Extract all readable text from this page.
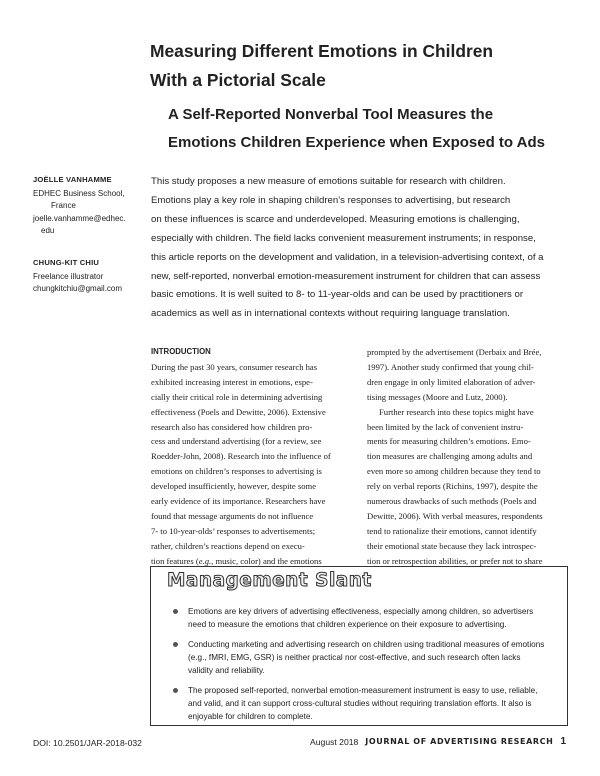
Measuring Different Emotions in Children
With a Pictorial Scale
A Self-Reported Nonverbal Tool Measures the
Emotions Children Experience when Exposed to Ads
JOËLLE VANHAMME
EDHEC Business School,
France
joelle.vanhamme@edhec.
edu
CHUNG-KIT CHIU
Freelance illustrator
chungkitchiu@gmail.com
This study proposes a new measure of emotions suitable for research with children.
Emotions play a key role in shaping children’s responses to advertising, but research
on these influences is scarce and underdeveloped. Measuring emotions is challenging,
especially with children. The field lacks convenient measurement instruments; in response,
this article reports on the development and validation, in a television-advertising context, of a
new, self-reported, nonverbal emotion-measurement instrument for children that can assess
basic emotions. It is well suited to 8- to 11-year-olds and can be used by practitioners or
academics as well as in international contexts without requiring language translation.
INTRODUCTION
During the past 30 years, consumer research has
exhibited increasing interest in emotions, espe-
cially their critical role in determining advertising
effectiveness (Poels and Dewitte, 2006). Extensive
research also has considered how children pro-
cess and understand advertising (for a review, see
Roedder-John, 2008). Research into the influence of
emotions on children’s responses to advertising is
developed insufficiently, however, despite some
early evidence of its importance. Researchers have
found that message arguments do not influence
7- to 10-year-olds’ responses to advertisements;
rather, children’s reactions depend on execu-
tion features (e.g., music, color) and the emotions
prompted by the advertisement (Derbaix and Brée,
1997). Another study confirmed that young chil-
dren engage in only limited elaboration of adver-
tising messages (Moore and Lutz, 2000).
Further research into these topics might have
been limited by the lack of convenient instru-
ments for measuring children’s emotions. Emo-
tion measures are challenging among adults and
even more so among children because they tend to
rely on verbal reports (Richins, 1997), despite the
numerous drawbacks of such methods (Poels and
Dewitte, 2006). With verbal measures, respondents
tend to rationalize their emotions, cannot identify
their emotional state because they lack introspec-
tion or retrospection abilities, or prefer not to share
Management Slant
Emotions are key drivers of advertising effectiveness, especially among children, so advertisers
need to measure the emotions that children experience on their exposure to advertising.
Conducting marketing and advertising research on children using traditional measures of emotions
(e.g., fMRI, EMG, GSR) is neither practical nor cost-effective, and such research often lacks
validity and reliability.
The proposed self-reported, nonverbal emotion-measurement instrument is easy to use, reliable,
and valid, and it can support cross-cultural studies without requiring translation efforts. It also is
enjoyable for children to complete.
DOI: 10.2501/JAR-2018-032	August 2018 JOURNAL OF ADVERTISING RESEARCH 1
